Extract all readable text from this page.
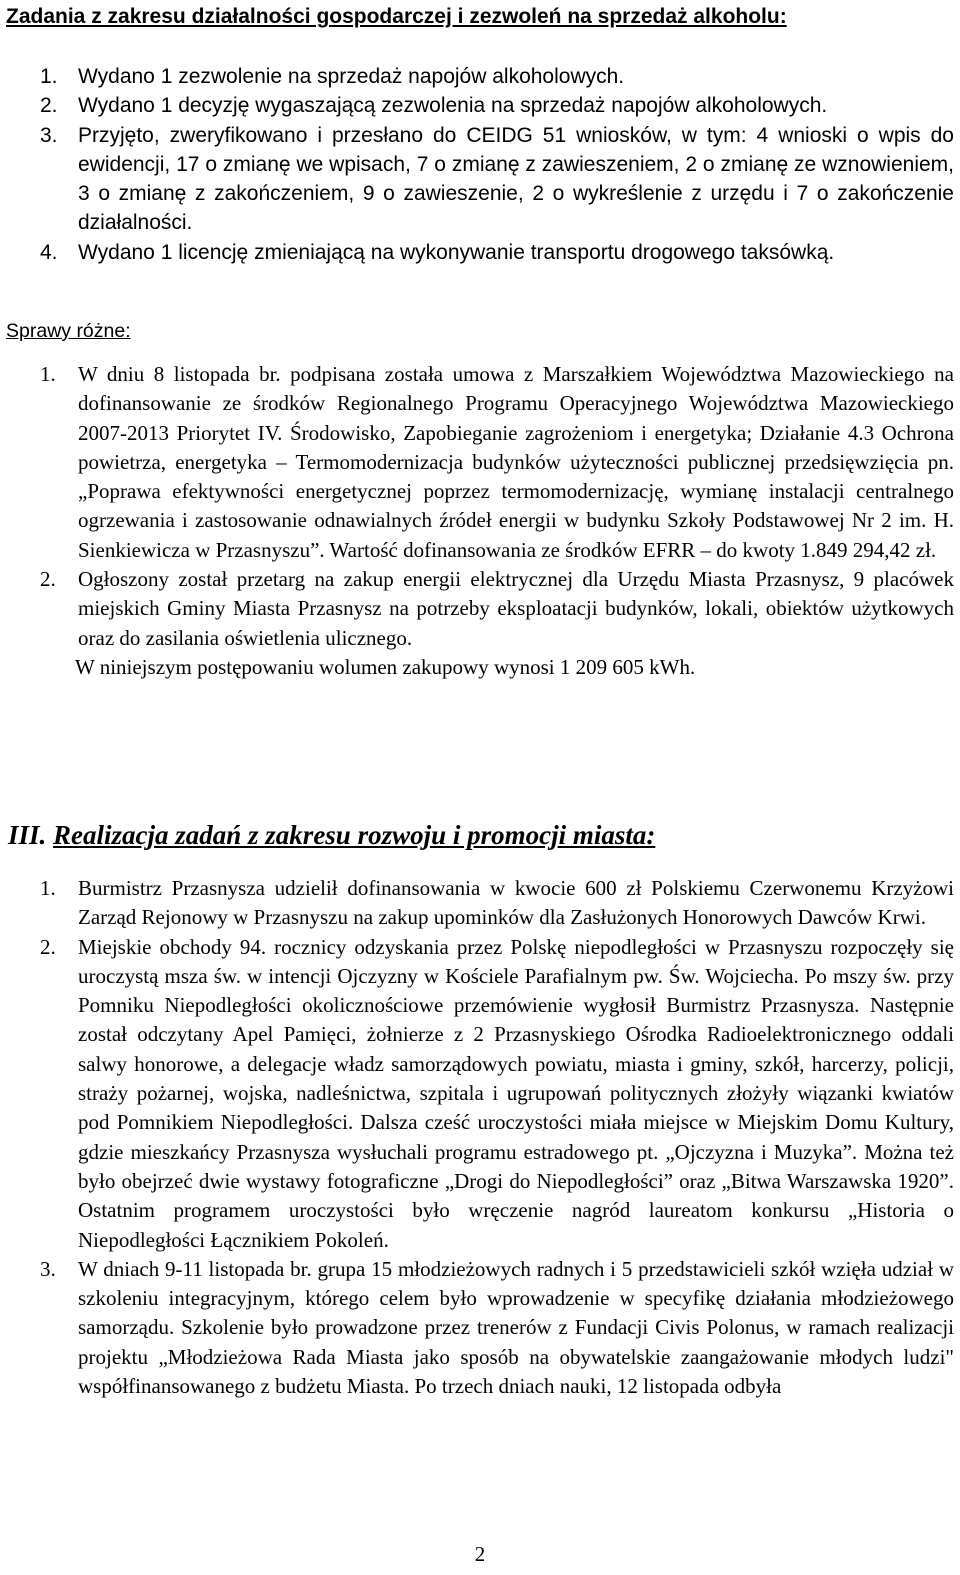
Zadania z zakresu działalności gospodarczej i zezwoleń na sprzedaż alkoholu:
1. Wydano 1 zezwolenie na sprzedaż napojów alkoholowych.
2. Wydano 1 decyzję wygaszającą zezwolenia na sprzedaż napojów alkoholowych.
3. Przyjęto, zweryfikowano i przesłano do CEIDG 51 wniosków, w tym: 4 wnioski o wpis do ewidencji, 17 o zmianę we wpisach, 7 o zmianę z zawieszeniem, 2 o zmianę ze wznowieniem, 3 o zmianę z zakończeniem, 9 o zawieszenie, 2 o wykreślenie z urzędu i 7 o zakończenie działalności.
4. Wydano 1 licencję zmieniającą na wykonywanie transportu drogowego taksówką.
Sprawy różne:
1. W dniu 8 listopada br. podpisana została umowa z Marszałkiem Województwa Mazowieckiego na dofinansowanie ze środków Regionalnego Programu Operacyjnego Województwa Mazowieckiego 2007-2013 Priorytet IV. Środowisko, Zapobieganie zagrożeniom i energetyka; Działanie 4.3 Ochrona powietrza, energetyka – Termomodernizacja budynków użyteczności publicznej przedsięwzięcia pn. „Poprawa efektywności energetycznej poprzez termomodernizację, wymianę instalacji centralnego ogrzewania i zastosowanie odnawialnych źródeł energii w budynku Szkoły Podstawowej Nr 2 im. H. Sienkiewicza w Przasnyszu”. Wartość dofinansowania ze środków EFRR – do kwoty 1.849 294,42 zł.
2. Ogłoszony został przetarg na zakup energii elektrycznej dla Urzędu Miasta Przasnysz, 9 placówek miejskich Gminy Miasta Przasnysz na potrzeby eksploatacji budynków, lokali, obiektów użytkowych oraz do zasilania oświetlenia ulicznego.
W niniejszym postępowaniu wolumen zakupowy wynosi 1 209 605 kWh.
III. Realizacja zadań z zakresu rozwoju i promocji miasta:
1. Burmistrz Przasnysza udzielił dofinansowania w kwocie 600 zł Polskiemu Czerwonemu Krzyżowi Zarząd Rejonowy w Przasnyszu na zakup upominków dla Zasłużonych Honorowych Dawców Krwi.
2. Miejskie obchody 94. rocznicy odzyskania przez Polskę niepodległości w Przasnyszu rozpoczęły się uroczystą msza św. w intencji Ojczyzny w Kościele Parafialnym pw. Św. Wojciecha. Po mszy św. przy Pomniku Niepodległości okolicznościowe przemówienie wygłosił Burmistrz Przasnysza. Następnie został odczytany Apel Pamięci, żołnierze z 2 Przasnyskiego Ośrodka Radioelektronicznego oddali salwy honorowe, a delegacje władz samorządowych powiatu, miasta i gminy, szkół, harcerzy, policji, straży pożarnej, wojska, nadleśnictwa, szpitala i ugrupowań politycznych złożyły wiązanki kwiatów pod Pomnikiem Niepodległości. Dalsza cześć uroczystości miała miejsce w Miejskim Domu Kultury, gdzie mieszkańcy Przasnysza wysłuchali programu estradowego pt. „Ojczyzna i Muzyka”. Można też było obejrzeć dwie wystawy fotograficzne „Drogi do Niepodległości” oraz „Bitwa Warszawska 1920”. Ostatnim programem uroczystości było wręczenie nagród laureatom konkursu „Historia o Niepodległości Łącznikiem Pokoleń.
3. W dniach 9-11 listopada br. grupa 15 młodzieżowych radnych i 5 przedstawicieli szkół wzięła udział w szkoleniu integracyjnym, którego celem było wprowadzenie w specyfikę działania młodzieżowego samorządu. Szkolenie było prowadzone przez trenerów z Fundacji Civis Polonus, w ramach realizacji projektu „Młodzieżowa Rada Miasta jako sposób na obywatelskie zaangażowanie młodych ludzi" współfinansowanego z budżetu Miasta. Po trzech dniach nauki, 12 listopada odbyła
2
